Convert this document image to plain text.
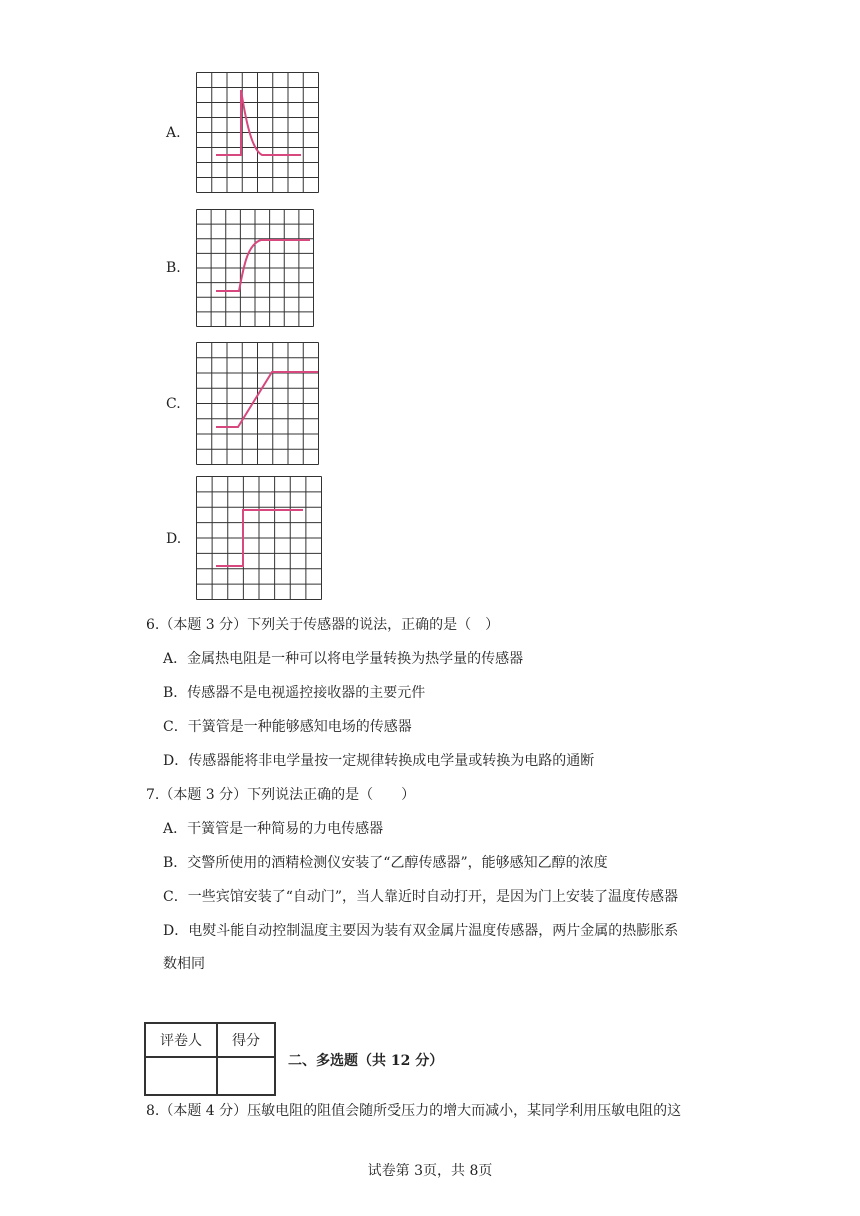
A.
B.
C.
D.
6.（本题 3 分）下列关于传感器的说法，正确的是（　）
A．金属热电阻是一种可以将电学量转换为热学量的传感器
B．传感器不是电视遥控接收器的主要元件
C．干簧管是一种能够感知电场的传感器
D．传感器能将非电学量按一定规律转换成电学量或转换为电路的通断
7.（本题 3 分）下列说法正确的是（　　）
A．干簧管是一种简易的力电传感器
B．交警所使用的酒精检测仪安装了“乙醇传感器”，能够感知乙醇的浓度
C．一些宾馆安装了“自动门”，当人靠近时自动打开，是因为门上安装了温度传感器
D．电熨斗能自动控制温度主要因为装有双金属片温度传感器，两片金属的热膨胀系
数相同
评卷人	得分

二、多选题（共 12 分）
8.（本题 4 分）压敏电阻的阻值会随所受压力的增大而减小，某同学利用压敏电阻的这
试卷第 3页，共 8页
